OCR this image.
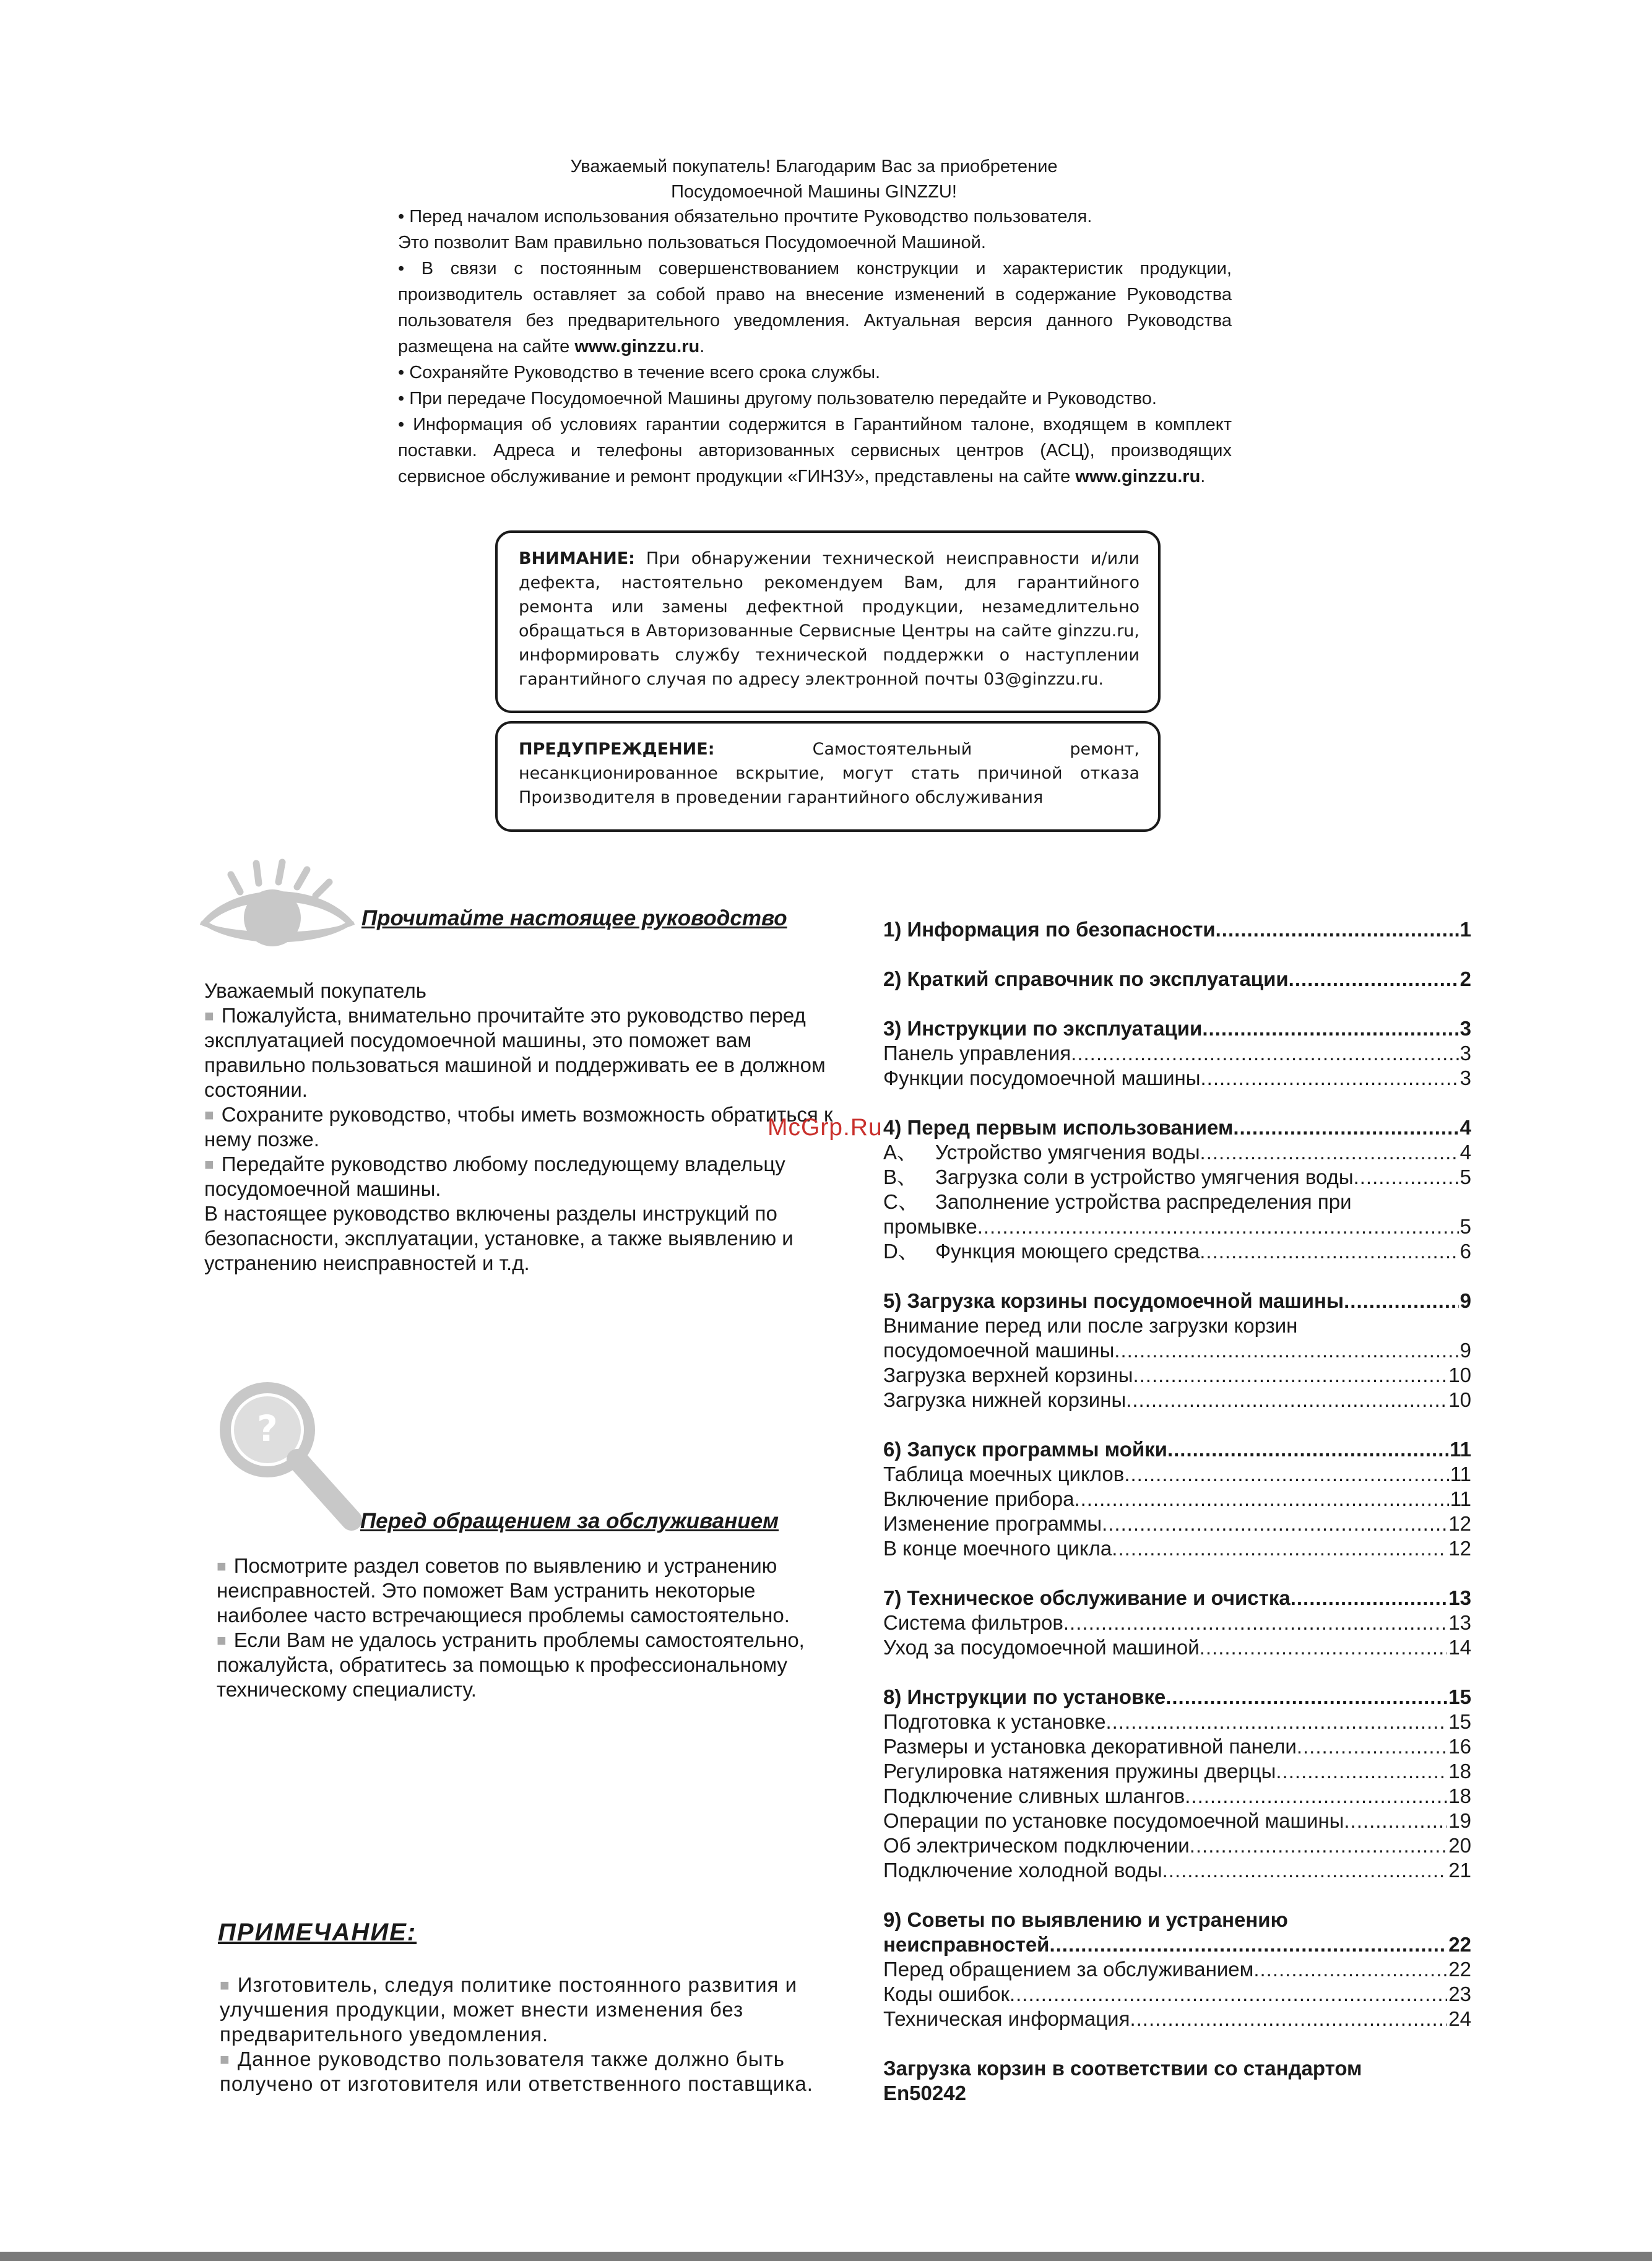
Уважаемый покупатель! Благодарим Вас за приобретение
Посудомоечной Машины GINZZU!

• Перед началом использования обязательно прочтите Руководство пользователя.

Это позволит Вам правильно пользоваться Посудомоечной Машиной.

• В связи с постоянным совершенствованием конструкции и характеристик продукции, производитель оставляет за собой право на внесение изменений в содержание Руководства пользователя без предварительного уведомления. Актуальная версия данного Руководства размещена на сайте www.ginzzu.ru.

• Сохраняйте Руководство в течение всего срока службы.

• При передаче Посудомоечной Машины другому пользователю передайте и Руководство.

• Информация об условиях гарантии содержится в Гарантийном талоне, входящем в комплект поставки. Адреса и телефоны авторизованных сервисных центров (АСЦ), производящих сервисное обслуживание и ремонт продукции «ГИНЗУ», представлены на сайте www.ginzzu.ru.

ВНИМАНИЕ: При обнаружении технической неисправности и/или дефекта, настоятельно рекомендуем Вам, для гарантийного ремонта или замены дефектной продукции, незамедлительно обращаться в Авторизованные Сервисные Центры на сайте ginzzu.ru, информировать службу технической поддержки о наступлении гарантийного случая по адресу электронной почты 03@ginzzu.ru.
ПРЕДУПРЕЖДЕНИЕ: Самостоятельный ремонт, несанкционированное вскрытие, могут стать причиной отказа Производителя в проведении гарантийного обслуживания
Прочитайте настоящее руководство

Уважаемый покупатель

■ Пожалуйста, внимательно прочитайте это руководство перед эксплуатацией посудомоечной машины, это поможет вам правильно пользоваться машиной и поддерживать ее в должном состоянии.

■ Сохраните руководство, чтобы иметь возможность обратиться к нему позже.

■ Передайте руководство любому последующему владельцу посудомоечной машины.

В настоящее руководство включены разделы инструкций по безопасности, эксплуатации, установке, а также выявлению и устранению неисправностей и т.д.

?
Перед обращением за обслуживанием

■ Посмотрите раздел советов по выявлению и устранению неисправностей. Это поможет Вам устранить некоторые наиболее часто встречающиеся проблемы самостоятельно.

■ Если Вам не удалось устранить проблемы самостоятельно, пожалуйста, обратитесь за помощью к профессиональному техническому специалисту.

ПРИМЕЧАНИЕ:

■ Изготовитель, следуя политике постоянного развития и улучшения продукции, может внести изменения без предварительного уведомления.

■ Данное руководство пользователя также должно быть получено от изготовителя или ответственного поставщика.

McGrp.Ru
1) Информация по безопасности .....	.1
2) Краткий справочник по эксплуатации .....	2
3) Инструкции по эксплуатации .....	3
Панель управления .....	3
Функции посудомоечной машины .....	3
4) Перед первым использованием .....	4
A、 Устройство умягчения воды .....	4
B、 Загрузка соли в устройство умягчения воды .....	5
C、 Заполнение устройства распределения при
промывке .....	5
D、 Функция моющего средства .....	6
5) Загрузка корзины посудомоечной машины .....	9
Внимание перед или после загрузки корзин
посудомоечной машины .....	9
Загрузка верхней корзины .....	10
Загрузка нижней корзины .....	10
6) Запуск программы мойки .....	11
Таблица моечных циклов .....	11
Включение прибора .....	11
Изменение программы .....	12
В конце моечного цикла .....	12
7) Техническое обслуживание и очистка .....	13
Система фильтров .....	13
Уход за посудомоечной машиной .....	14
8) Инструкции по установке .....	15
Подготовка к установке .....	15
Размеры и установка декоративной панели .....	16
Регулировка натяжения пружины дверцы .....	18
Подключение сливных шлангов .....	18
Операции по установке посудомоечной машины .....	19
Об электрическом подключении .....	20
Подключение холодной воды .....	21
9) Советы по выявлению и устранению
неисправностей .....	22
Перед обращением за обслуживанием .....	22
Коды ошибок .....	23
Техническая информация .....	24
Загрузка корзин в соответствии со стандартом
En50242
